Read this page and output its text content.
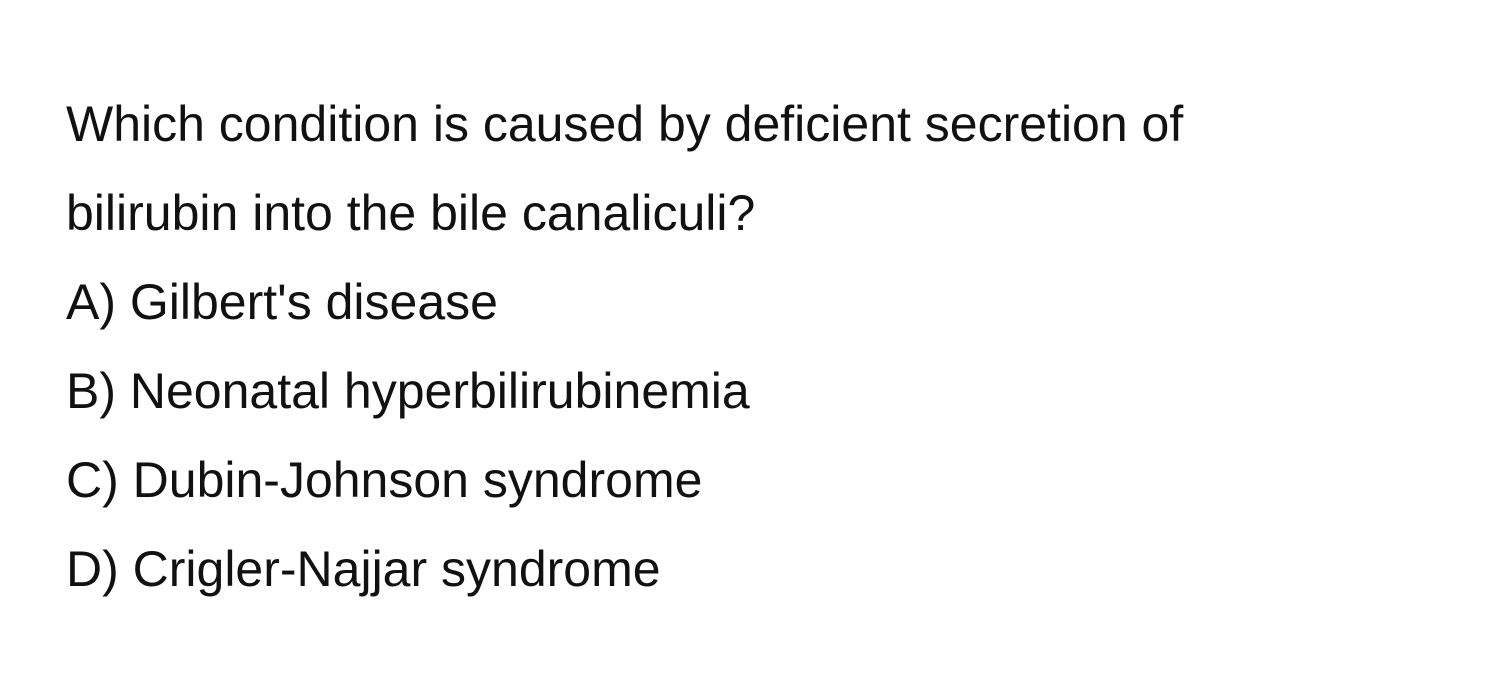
Which condition is caused by deficient secretion of
bilirubin into the bile canaliculi?
A) Gilbert's disease
B) Neonatal hyperbilirubinemia
C) Dubin-Johnson syndrome
D) Crigler-Najjar syndrome
